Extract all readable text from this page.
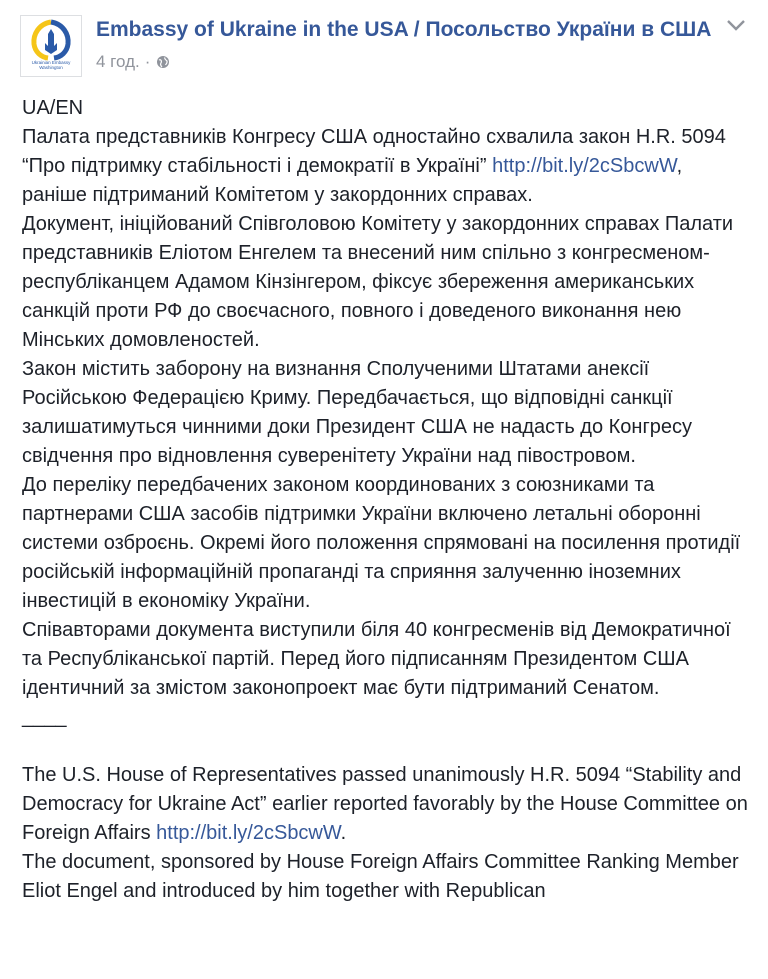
Ukrainian Embassy
Washington
Embassy of Ukraine in the USA / Посольство України в США
4 год. ·

UA/EN

Палата представників Конгресу США одностайно схвалила закон H.R. 5094 “Про підтримку стабільності і демократії в Україні” http://bit.ly/2cSbcwW, раніше підтриманий Комітетом у закордонних справах.

Документ, ініційований Співголовою Комітету у закордонних справах Палати представників Еліотом Енгелем та внесений ним спільно з конгресменом-республіканцем Адамом Кінзінгером, фіксує збереження американських санкцій проти РФ до своєчасного, повного і доведеного виконання нею Мінських домовленостей.

Закон містить заборону на визнання Сполученими Штатами анексії Російською Федерацією Криму. Передбачається, що відповідні санкції залишатимуться чинними доки Президент США не надасть до Конгресу свідчення про відновлення суверенітету України над півостровом.

До переліку передбачених законом координованих з союзниками та партнерами США засобів підтримки України включено летальні оборонні системи озброєнь. Окремі його положення спрямовані на посилення протидії російській інформаційній пропаганді та сприяння залученню іноземних інвестицій в економіку України.

Співавторами документа виступили біля 40 конгресменів від Демократичної та Республіканської партій. Перед його підписанням Президентом США ідентичний за змістом законопроект має бути підтриманий Сенатом.

____

The U.S. House of Representatives passed unanimously H.R. 5094 “Stability and Democracy for Ukraine Act” earlier reported favorably by the House Committee on Foreign Affairs http://bit.ly/2cSbcwW.

The document, sponsored by House Foreign Affairs Committee Ranking Member Eliot Engel and introduced by him together with Republican
